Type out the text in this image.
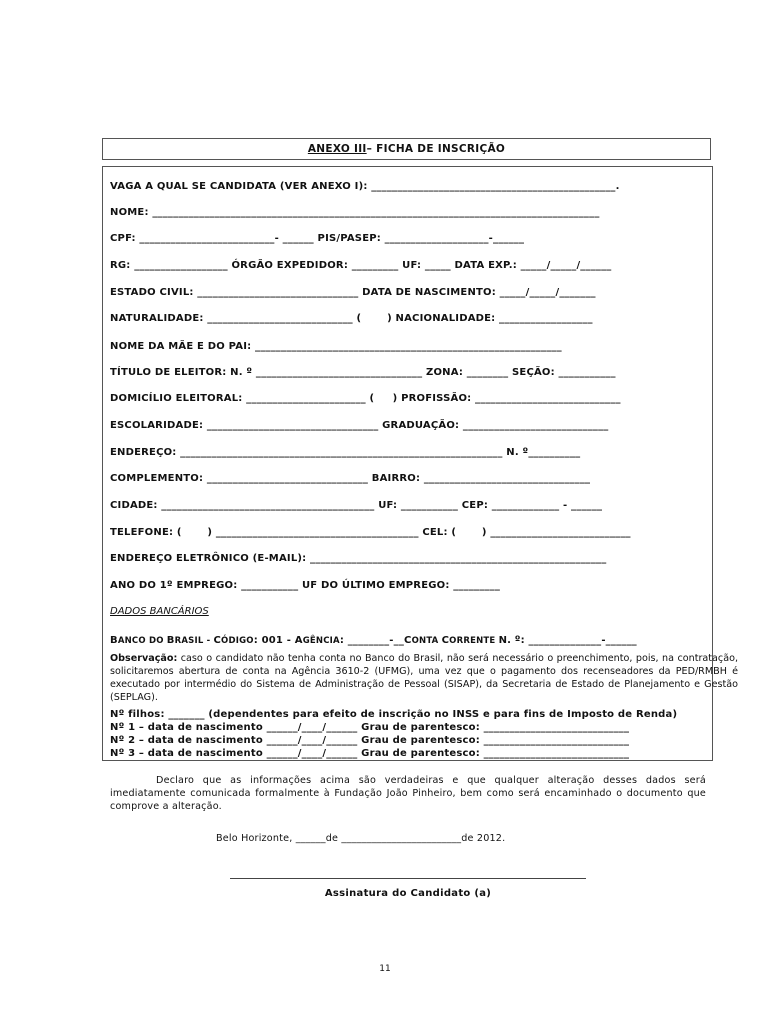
ANEXO III – FICHA DE INSCRIÇÃO
VAGA A QUAL SE CANDIDATA (VER ANEXO I): _______________________________________________.
NOME: ______________________________________________________________________________________
CPF: __________________________- ______ PIS/PASEP: ____________________-______
RG: __________________ ÓRGÃO EXPEDIDOR: _________ UF: _____ DATA EXP.: _____/_____/______
ESTADO CIVIL: _______________________________ DATA DE NASCIMENTO: _____/_____/_______
NATURALIDADE: ____________________________ (       ) NACIONALIDADE: __________________
NOME DA MÃE E DO PAI: ___________________________________________________________
TÍTULO DE ELEITOR: N. º ________________________________ ZONA: ________ SEÇÃO: ___________
DOMICÍLIO ELEITORAL: _______________________ (     ) PROFISSÃO: ____________________________
ESCOLARIDADE: _________________________________ GRADUAÇÃO: ____________________________
ENDEREÇO: ______________________________________________________________ N. º__________
COMPLEMENTO: _______________________________ BAIRRO: ________________________________
CIDADE: _________________________________________ UF: ___________ CEP: _____________ - ______
TELEFONE: (       ) _______________________________________ CEL: (       ) ___________________________
ENDEREÇO ELETRÔNICO (E-MAIL): _________________________________________________________
ANO DO 1º EMPREGO: ___________ UF DO ÚLTIMO EMPREGO: _________
DADOS BANCÁRIOS
BANCO DO BRASIL - CÓDIGO: 001 - AGÊNCIA: ________-__CONTA CORRENTE N. º: ______________-______
Observação: caso o candidato não tenha conta no Banco do Brasil, não será necessário o preenchimento, pois, na contratação, solicitaremos abertura de conta na Agência 3610-2 (UFMG), uma vez que o pagamento dos recenseadores da PED/RMBH é executado por intermédio do Sistema de Administração de Pessoal (SISAP), da Secretaria de Estado de Planejamento e Gestão (SEPLAG).
Nº filhos: _______ (dependentes para efeito de inscrição no INSS e para fins de Imposto de Renda)
Nº 1 – data de nascimento ______/____/______ Grau de parentesco: ____________________________
Nº 2 – data de nascimento ______/____/______ Grau de parentesco: ____________________________
Nº 3 – data de nascimento ______/____/______ Grau de parentesco: ____________________________
Declaro que as informações acima são verdadeiras e que qualquer alteração desses dados será imediatamente comunicada formalmente à Fundação João Pinheiro, bem como será encaminhado o documento que comprove a alteração.
Belo Horizonte, ______de ________________________de 2012.
Assinatura do Candidato (a)
11
